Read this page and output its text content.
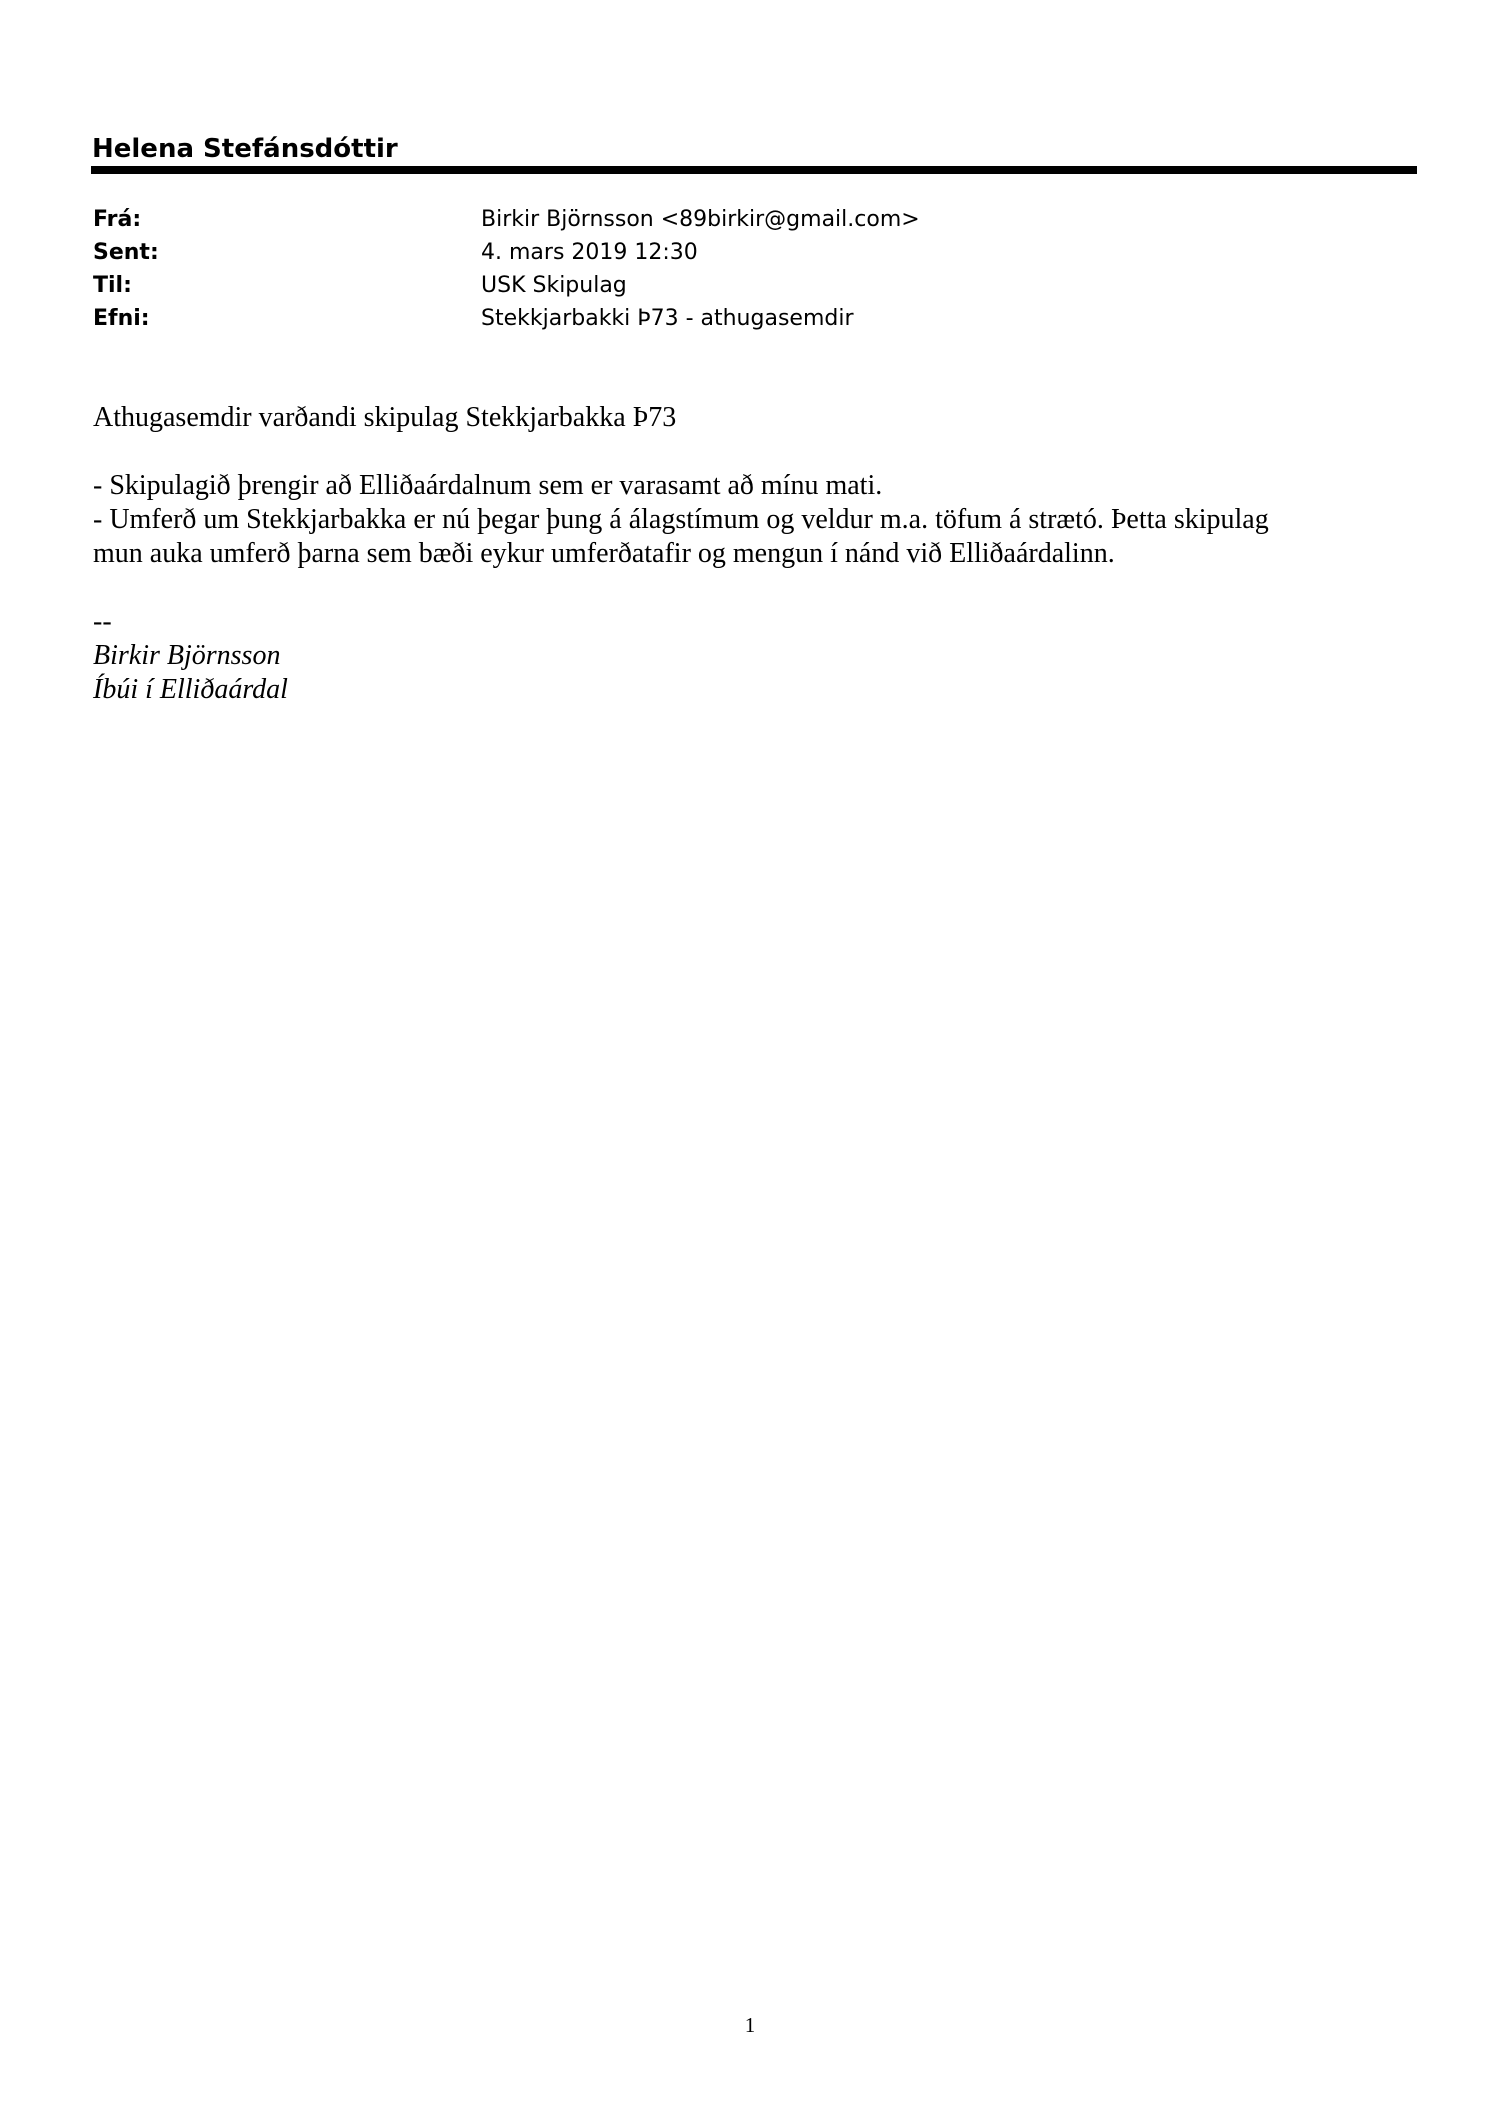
Helena Stefánsdóttir
Frá:	Birkir Björnsson <89birkir@gmail.com>
Sent:	4. mars 2019 12:30
Til:	USK Skipulag
Efni:	Stekkjarbakki Þ73 - athugasemdir

Athugasemdir varðandi skipulag Stekkjarbakka Þ73

- Skipulagið þrengir að Elliðaárdalnum sem er varasamt að mínu mati.

- Umferð um Stekkjarbakka er nú þegar þung á álagstímum og veldur m.a. töfum á strætó. Þetta skipulag

mun auka umferð þarna sem bæði eykur umferðatafir og mengun í nánd við Elliðaárdalinn.

--

Birkir Björnsson

Íbúi í Elliðaárdal

1
